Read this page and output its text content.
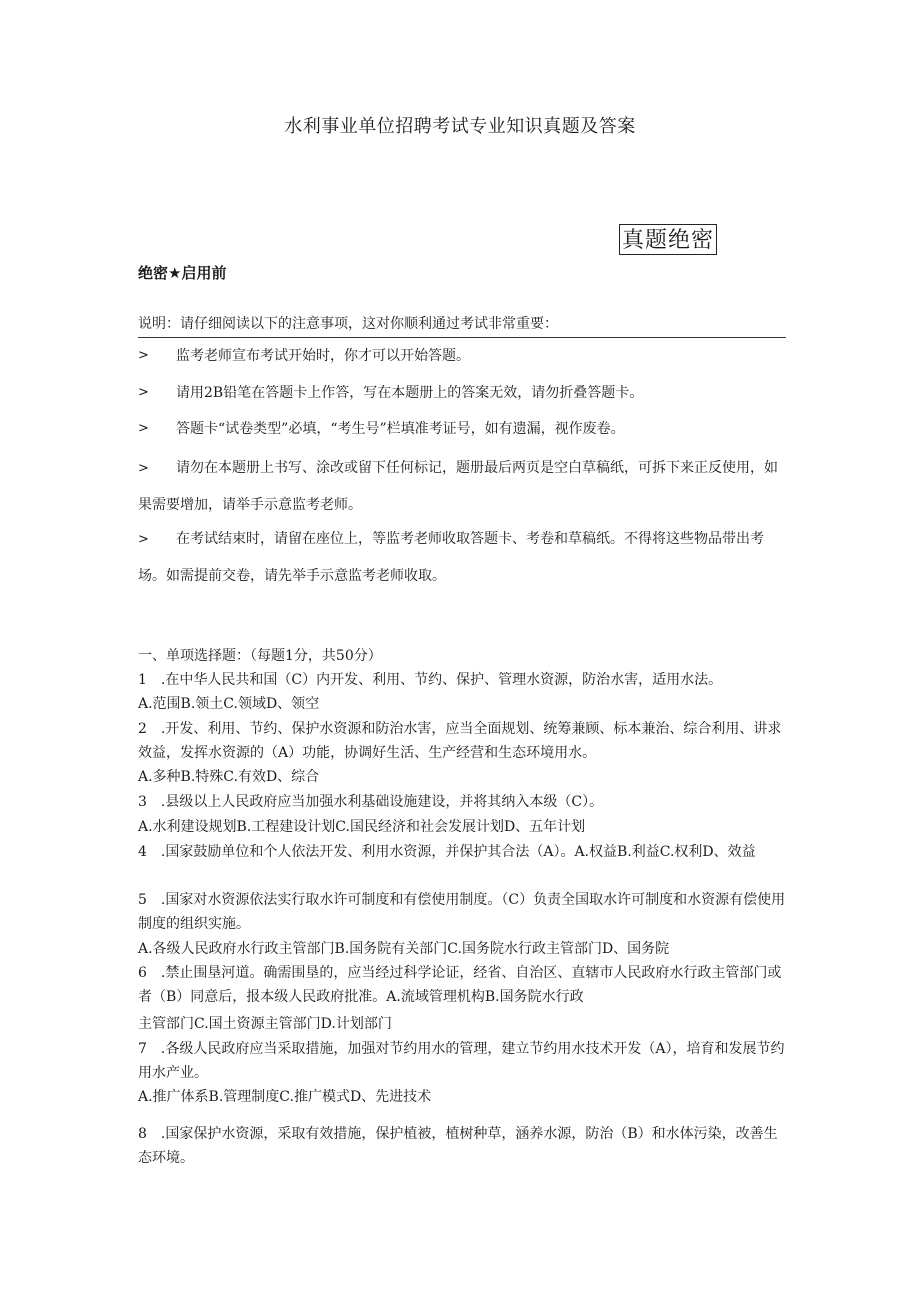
水利事业单位招聘考试专业知识真题及答案
真题绝密
绝密★启用前
说明：请仔细阅读以下的注意事项，这对你顺利通过考试非常重要：
>	监考老师宣布考试开始时，你才可以开始答题。
>	请用2B铅笔在答题卡上作答，写在本题册上的答案无效，请勿折叠答题卡。
>	答题卡“试卷类型”必填，“考生号”栏填准考证号，如有遗漏，视作废卷。
>	请勿在本题册上书写、涂改或留下任何标记，题册最后两页是空白草稿纸，可拆下来正反使用，如果需要增加，请举手示意监考老师。
>	在考试结束时，请留在座位上，等监考老师收取答题卡、考卷和草稿纸。不得将这些物品带出考场。如需提前交卷，请先举手示意监考老师收取。
一、单项选择题：（每题1分，共50分）
1　.在中华人民共和国（C）内开发、利用、节约、保护、管理水资源，防治水害，适用水法。
A.范围B.领土C.领域D、领空
2　.开发、利用、节约、保护水资源和防治水害，应当全面规划、统筹兼顾、标本兼治、综合利用、讲求效益，发挥水资源的（A）功能，协调好生活、生产经营和生态环境用水。
A.多种B.特殊C.有效D、综合
3　.县级以上人民政府应当加强水利基础设施建设，并将其纳入本级（C）。
A.水利建设规划B.工程建设计划C.国民经济和社会发展计划D、五年计划
4　.国家鼓励单位和个人依法开发、利用水资源，并保护其合法（A）。A.权益B.利益C.权利D、效益
5　.国家对水资源依法实行取水许可制度和有偿使用制度。（C）负责全国取水许可制度和水资源有偿使用制度的组织实施。
A.各级人民政府水行政主管部门B.国务院有关部门C.国务院水行政主管部门D、国务院
6　.禁止围垦河道。确需围垦的，应当经过科学论证，经省、自治区、直辖市人民政府水行政主管部门或者（B）同意后，报本级人民政府批准。A.流域管理机构B.国务院水行政
主管部门C.国土资源主管部门D.计划部门
7　.各级人民政府应当采取措施，加强对节约用水的管理，建立节约用水技术开发（A），培育和发展节约用水产业。
A.推广体系B.管理制度C.推广模式D、先进技术
8　.国家保护水资源，采取有效措施，保护植被，植树种草，涵养水源，防治（B）和水体污染，改善生态环境。
